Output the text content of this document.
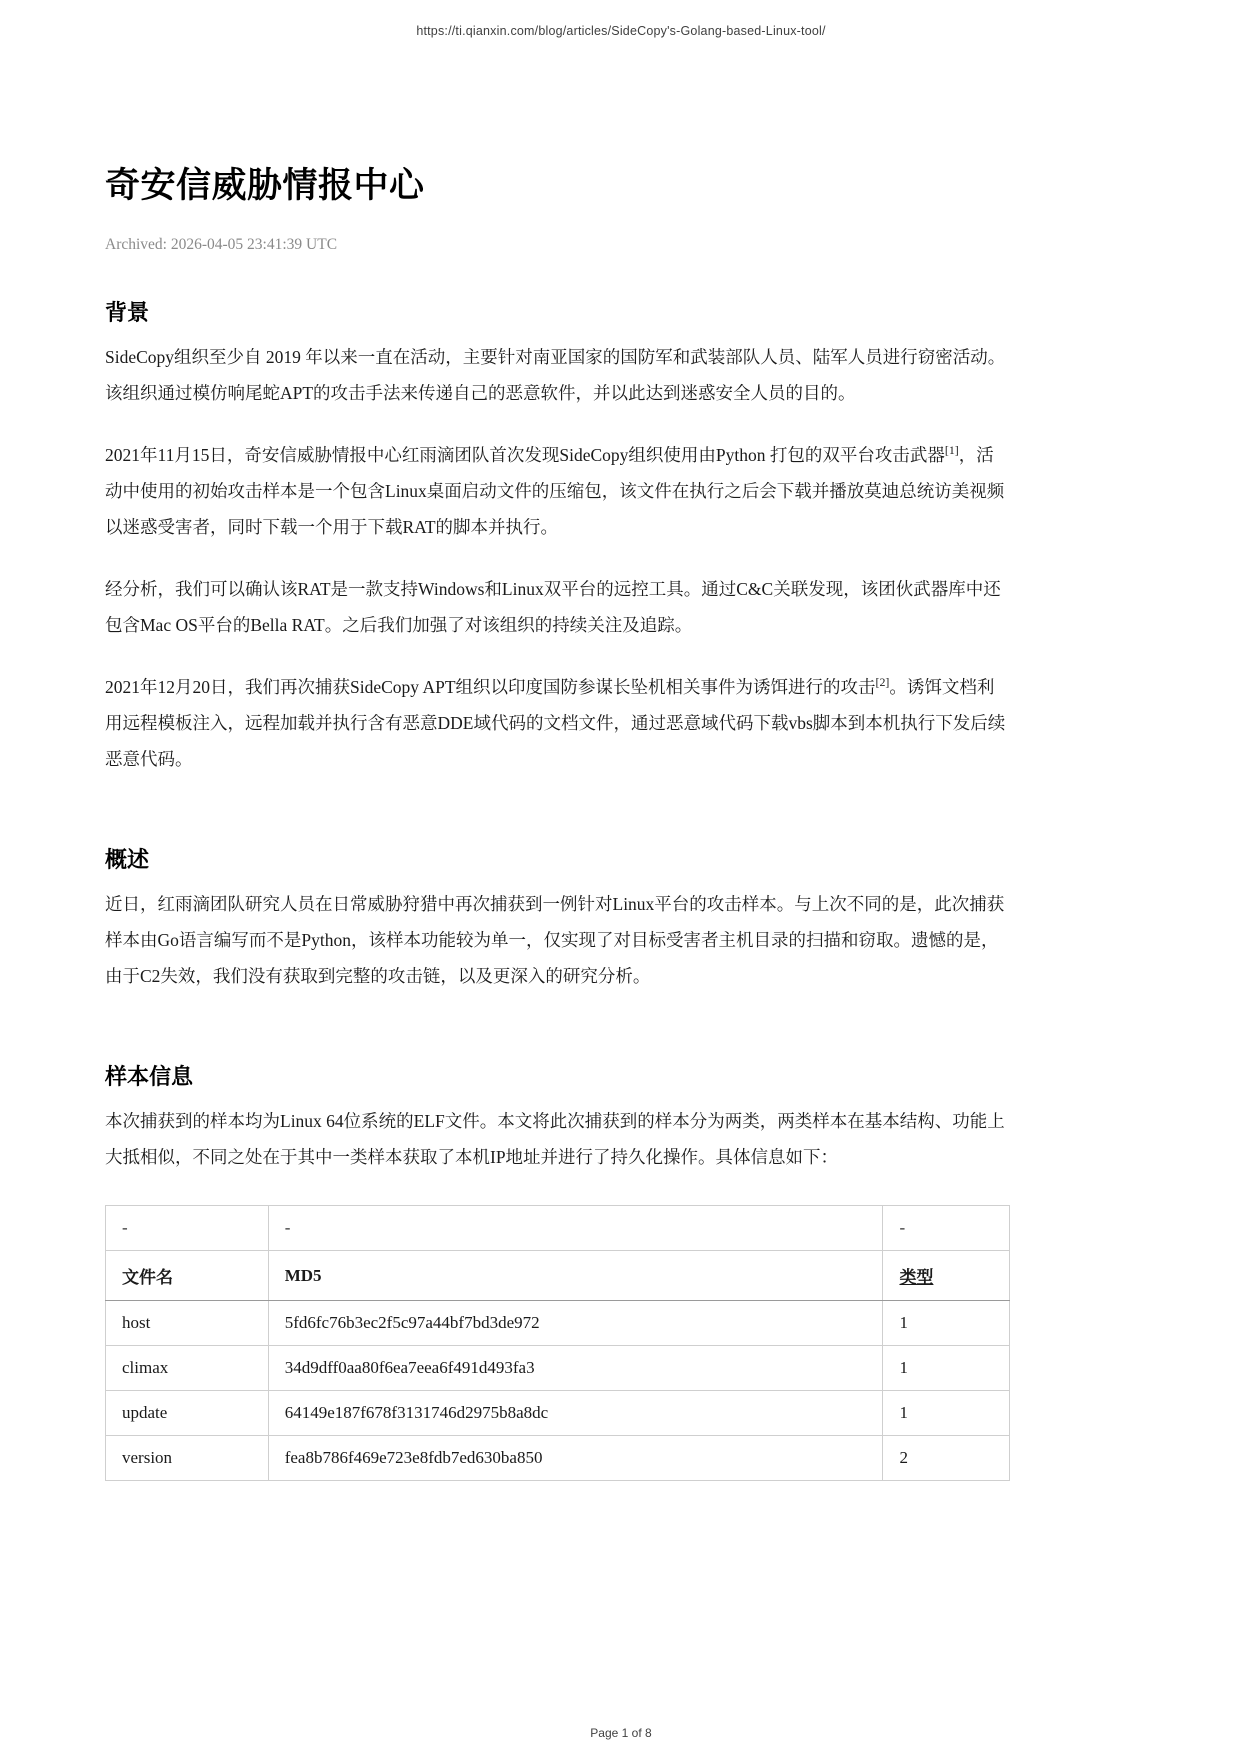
https://ti.qianxin.com/blog/articles/SideCopy's-Golang-based-Linux-tool/
奇安信威胁情报中心
Archived: 2026-04-05 23:41:39 UTC
背景

SideCopy组织至少自 2019 年以来一直在活动，主要针对南亚国家的国防军和武装部队人员、陆军人员进行窃密活动。该组织通过模仿响尾蛇APT的攻击手法来传递自己的恶意软件，并以此达到迷惑安全人员的目的。

2021年11月15日，奇安信威胁情报中心红雨滴团队首次发现SideCopy组织使用由Python 打包的双平台攻击武器[1]，活动中使用的初始攻击样本是一个包含Linux桌面启动文件的压缩包，该文件在执行之后会下载并播放莫迪总统访美视频以迷惑受害者，同时下载一个用于下载RAT的脚本并执行。

经分析，我们可以确认该RAT是一款支持Windows和Linux双平台的远控工具。通过C&C关联发现，该团伙武器库中还包含Mac OS平台的Bella RAT。之后我们加强了对该组织的持续关注及追踪。

2021年12月20日，我们再次捕获SideCopy APT组织以印度国防参谋长坠机相关事件为诱饵进行的攻击[2]。诱饵文档利用远程模板注入，远程加载并执行含有恶意DDE域代码的文档文件，通过恶意域代码下载vbs脚本到本机执行下发后续恶意代码。

概述

近日，红雨滴团队研究人员在日常威胁狩猎中再次捕获到一例针对Linux平台的攻击样本。与上次不同的是，此次捕获样本由Go语言编写而不是Python，该样本功能较为单一，仅实现了对目标受害者主机目录的扫描和窃取。遗憾的是，由于C2失效，我们没有获取到完整的攻击链，以及更深入的研究分析。

样本信息

本次捕获到的样本均为Linux 64位系统的ELF文件。本文将此次捕获到的样本分为两类，两类样本在基本结构、功能上大抵相似，不同之处在于其中一类样本获取了本机IP地址并进行了持久化操作。具体信息如下：

-	-	-
文件名	MD5	类型
host	5fd6fc76b3ec2f5c97a44bf7bd3de972	1
climax	34d9dff0aa80f6ea7eea6f491d493fa3	1
update	64149e187f678f3131746d2975b8a8dc	1
version	fea8b786f469e723e8fdb7ed630ba850	2
Page 1 of 8
